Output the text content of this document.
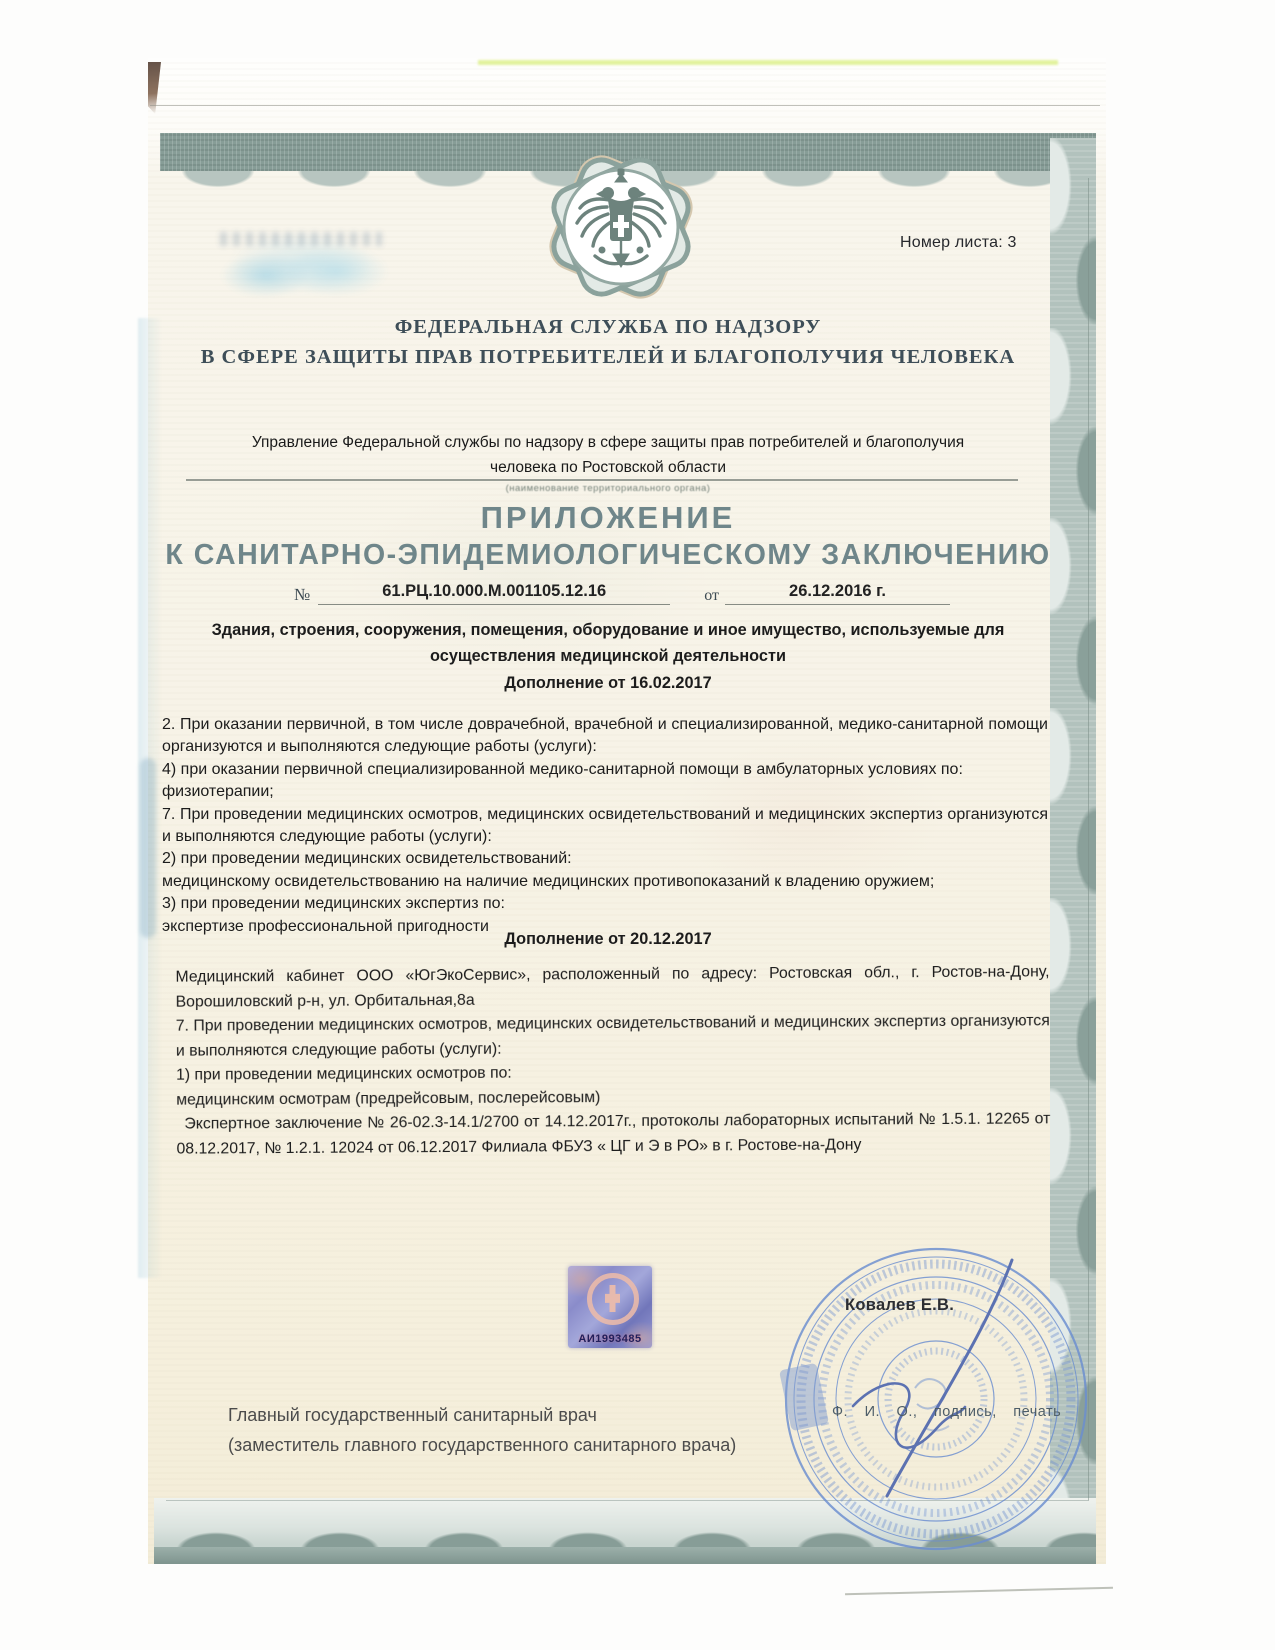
Номер листа: 3
ФЕДЕРАЛЬНАЯ СЛУЖБА ПО НАДЗОРУ
В СФЕРЕ ЗАЩИТЫ ПРАВ ПОТРЕБИТЕЛЕЙ И БЛАГОПОЛУЧИЯ ЧЕЛОВЕКА
Управление Федеральной службы по надзору в сфере защиты прав потребителей и благополучия
человека по Ростовской области
(наименование территориального органа)
ПРИЛОЖЕНИЕ
К САНИТАРНО-ЭПИДЕМИОЛОГИЧЕСКОМУ ЗАКЛЮЧЕНИЮ
№	61.РЦ.10.000.М.001105.12.16	от	26.12.2016 г.
Здания, строения, сооружения, помещения, оборудование и иное имущество, используемые для
осуществления медицинской деятельности
Дополнение от 16.02.2017

2. При оказании первичной, в том числе доврачебной, врачебной и специализированной, медико-санитарной помощи организуются и выполняются следующие работы (услуги):

4) при оказании первичной специализированной медико-санитарной помощи в амбулаторных условиях по:

физиотерапии;

7. При проведении медицинских осмотров, медицинских освидетельствований и медицинских экспертиз организуются и выполняются следующие работы (услуги):

2) при проведении медицинских освидетельствований:

медицинскому освидетельствованию на наличие медицинских противопоказаний к владению оружием;

3) при проведении медицинских экспертиз по:

экспертизе профессиональной пригодности

Дополнение от 20.12.2017

Медицинский кабинет ООО «ЮгЭкоСервис», расположенный по адресу: Ростовская обл., г. Ростов-на-Дону, Ворошиловский р-н, ул. Орбитальная,8а

7. При проведении медицинских осмотров, медицинских освидетельствований и медицинских экспертиз организуются и выполняются следующие работы (услуги):

1) при проведении медицинских осмотров по:

медицинским осмотрам (предрейсовым, послерейсовым)

Экспертное заключение № 26-02.3-14.1/2700 от 14.12.2017г., протоколы лабораторных испытаний № 1.5.1. 12265 от 08.12.2017, № 1.2.1. 12024 от 06.12.2017 Филиала ФБУЗ « ЦГ и Э в РО» в г. Ростове-на-Дону

АИ1993485
Ковалев Е.В.
Ф. И. О., подпись, печать
Главный государственный санитарный врач
(заместитель главного государственного санитарного врача)
